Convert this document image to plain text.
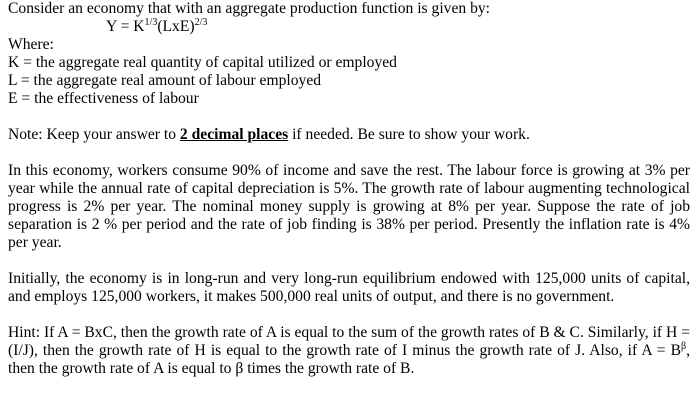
Consider an economy that with an aggregate production function is given by:
$Y = K^{1/3}(LxE)^{2/3}$
Where:
K = the aggregate real quantity of capital utilized or employed
L = the aggregate real amount of labour employed
E = the effectiveness of labour
Note: Keep your answer to 2 decimal places if needed. Be sure to show your work.
In this economy, workers consume 90% of income and save the rest. The labour force is growing at 3% per year while the annual rate of capital depreciation is 5%. The growth rate of labour augmenting technological progress is 2% per year. The nominal money supply is growing at 8% per year. Suppose the rate of job separation is 2 % per period and the rate of job finding is 38% per period. Presently the inflation rate is 4% per year.
Initially, the economy is in long-run and very long-run equilibrium endowed with 125,000 units of capital, and employs 125,000 workers, it makes 500,000 real units of output, and there is no government.
Hint: If A = BxC, then the growth rate of A is equal to the sum of the growth rates of B & C. Similarly, if H = (I/J), then the growth rate of H is equal to the growth rate of I minus the growth rate of J. Also, if $A = B^\beta$, then the growth rate of A is equal to β times the growth rate of B.
